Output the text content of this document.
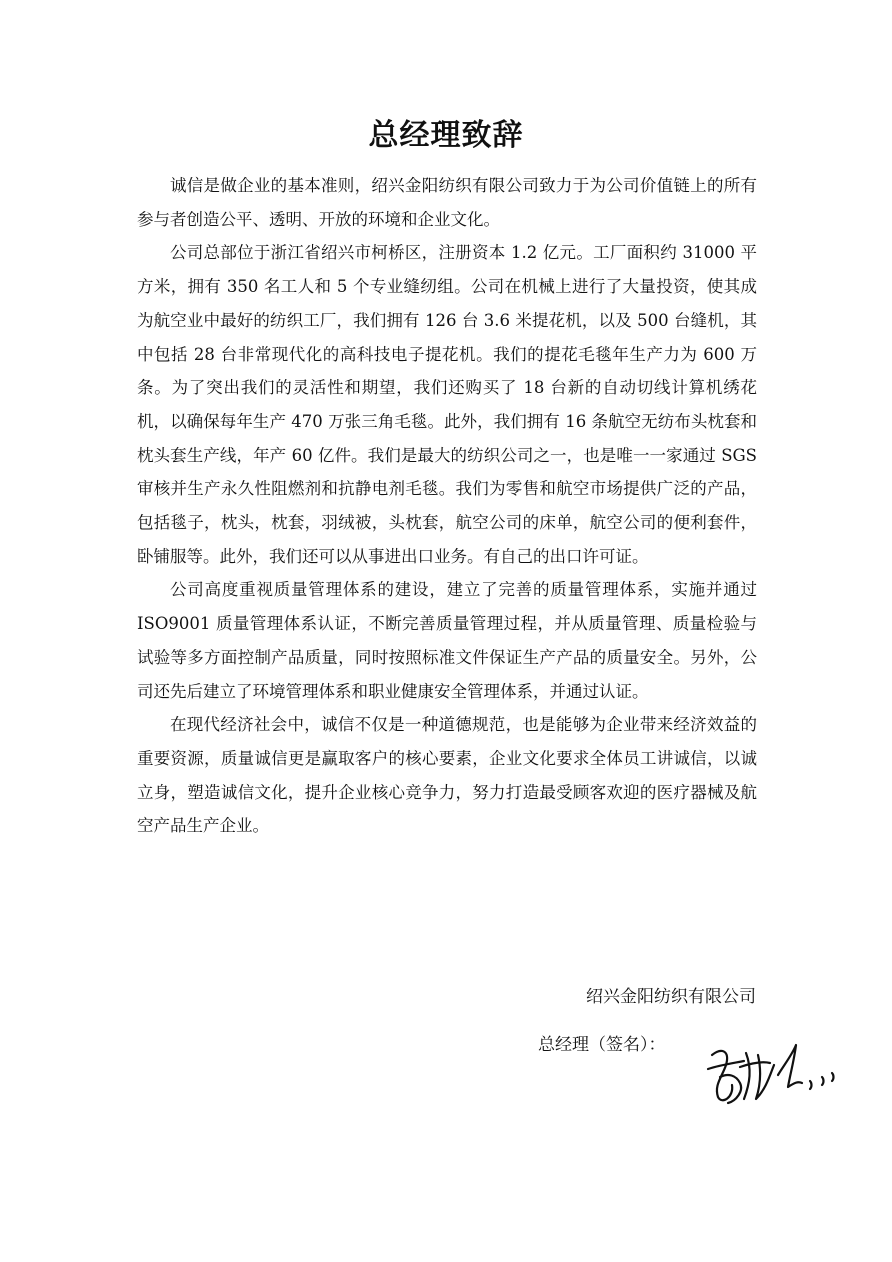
总经理致辞

诚信是做企业的基本准则，绍兴金阳纺织有限公司致力于为公司价值链上的所有参与者创造公平、透明、开放的环境和企业文化。

公司总部位于浙江省绍兴市柯桥区，注册资本 1.2 亿元。工厂面积约 31000 平方米，拥有 350 名工人和 5 个专业缝纫组。公司在机械上进行了大量投资，使其成为航空业中最好的纺织工厂，我们拥有 126 台 3.6 米提花机，以及 500 台缝机，其中包括 28 台非常现代化的高科技电子提花机。我们的提花毛毯年生产力为 600 万条。为了突出我们的灵活性和期望，我们还购买了 18 台新的自动切线计算机绣花机，以确保每年生产 470 万张三角毛毯。此外，我们拥有 16 条航空无纺布头枕套和枕头套生产线，年产 60 亿件。我们是最大的纺织公司之一，也是唯一一家通过 SGS 审核并生产永久性阻燃剂和抗静电剂毛毯。我们为零售和航空市场提供广泛的产品，包括毯子，枕头，枕套，羽绒被，头枕套，航空公司的床单，航空公司的便利套件，卧铺服等。此外，我们还可以从事进出口业务。有自己的出口许可证。

公司高度重视质量管理体系的建设，建立了完善的质量管理体系，实施并通过 ISO9001 质量管理体系认证，不断完善质量管理过程，并从质量管理、质量检验与试验等多方面控制产品质量，同时按照标准文件保证生产产品的质量安全。另外，公司还先后建立了环境管理体系和职业健康安全管理体系，并通过认证。

在现代经济社会中，诚信不仅是一种道德规范，也是能够为企业带来经济效益的重要资源，质量诚信更是赢取客户的核心要素，企业文化要求全体员工讲诚信，以诚立身，塑造诚信文化，提升企业核心竞争力，努力打造最受顾客欢迎的医疗器械及航空产品生产企业。

绍兴金阳纺织有限公司

总经理（签名）：
